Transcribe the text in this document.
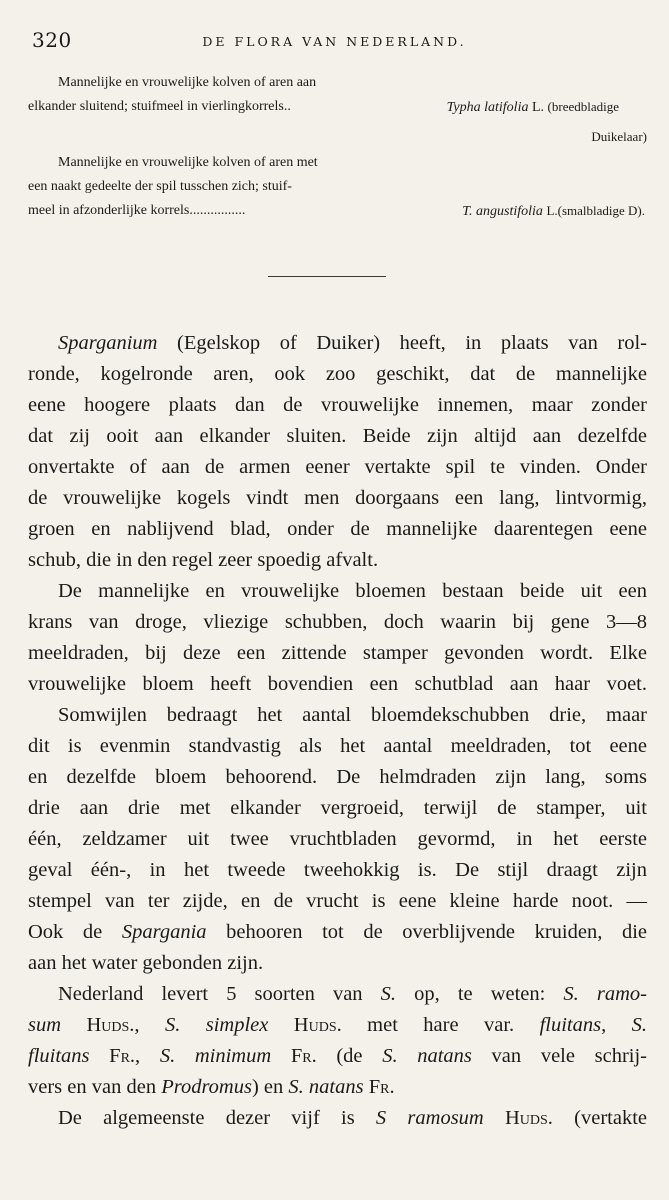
320	DE FLORA VAN NEDERLAND.
Mannelijke en vrouwelijke kolven of aren aan
elkander sluitend; stuifmeel in vierlingkorrels..	Typha latifolia L. (breedbladige
Duikelaar)
Mannelijke en vrouwelijke kolven of aren met
een naakt gedeelte der spil tusschen zich; stuif-
meel in afzonderlijke korrels................	T. angustifolia L.(smalbladige D).
Sparganium (Egelskop of Duiker) heeft, in plaats van rol-
ronde, kogelronde aren, ook zoo geschikt, dat de mannelijke
eene hoogere plaats dan de vrouwelijke innemen, maar zonder
dat zij ooit aan elkander sluiten. Beide zijn altijd aan dezelfde
onvertakte of aan de armen eener vertakte spil te vinden. Onder
de vrouwelijke kogels vindt men doorgaans een lang, lintvormig,
groen en nablijvend blad, onder de mannelijke daarentegen eene
schub, die in den regel zeer spoedig afvalt.
De mannelijke en vrouwelijke bloemen bestaan beide uit een
krans van droge, vliezige schubben, doch waarin bij gene 3—8
meeldraden, bij deze een zittende stamper gevonden wordt. Elke
vrouwelijke bloem heeft bovendien een schutblad aan haar voet.
Somwijlen bedraagt het aantal bloemdekschubben drie, maar
dit is evenmin standvastig als het aantal meeldraden, tot eene
en dezelfde bloem behoorend. De helmdraden zijn lang, soms
drie aan drie met elkander vergroeid, terwijl de stamper, uit
één, zeldzamer uit twee vruchtbladen gevormd, in het eerste
geval één-, in het tweede tweehokkig is. De stijl draagt zijn
stempel van ter zijde, en de vrucht is eene kleine harde noot. —
Ook de Spargania behooren tot de overblijvende kruiden, die
aan het water gebonden zijn.
Nederland levert 5 soorten van S. op, te weten: S. ramo-
sum Huds., S. simplex Huds. met hare var. fluitans, S.
fluitans Fr., S. minimum Fr. (de S. natans van vele schrij-
vers en van den Prodromus) en S. natans Fr.
De algemeenste dezer vijf is S ramosum Huds. (vertakte
